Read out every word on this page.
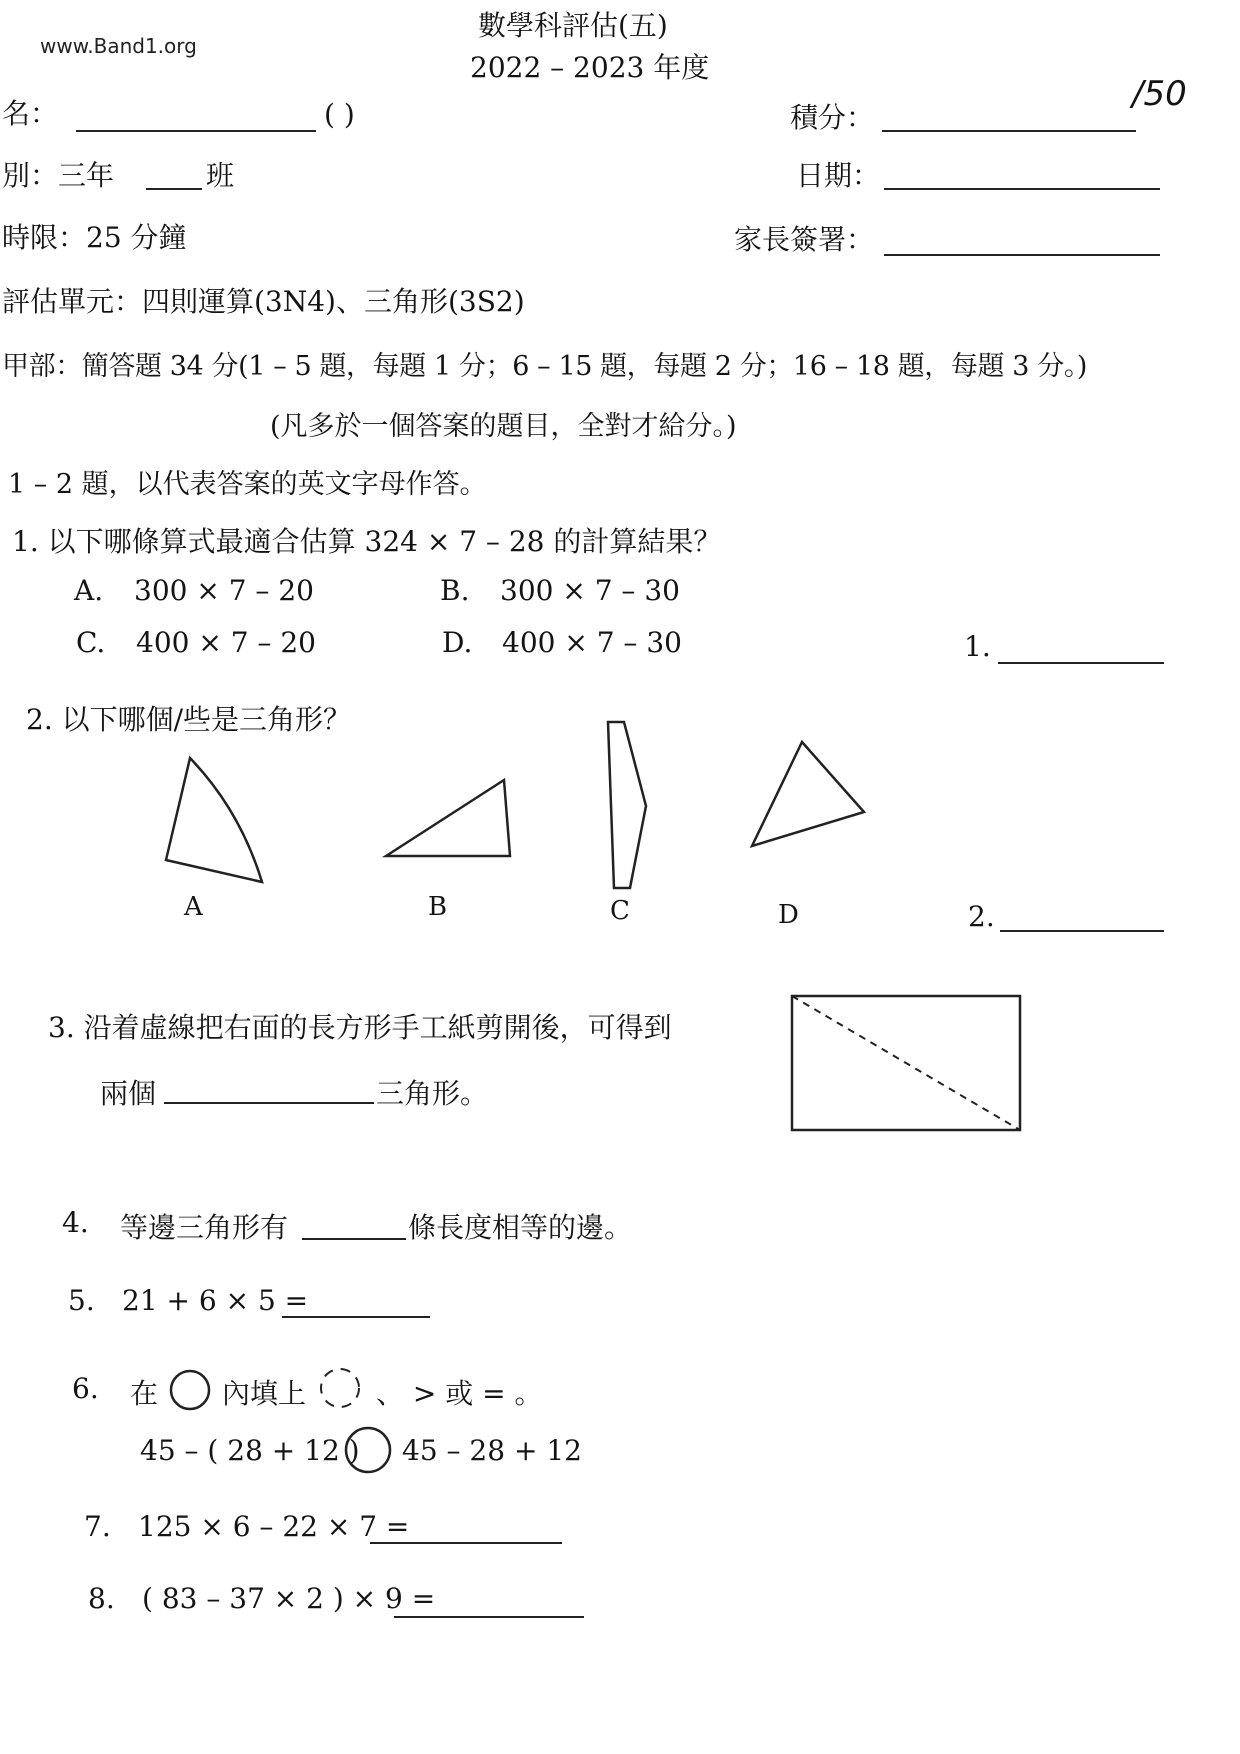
www.Band1.org
數學科評估(五)
2022 – 2023 年度
名：	( )	積分：
/50
別：三年	班	日期：
時限：25 分鐘	家長簽署：
評估單元：四則運算(3N4)、三角形(3S2)
甲部：簡答題 34 分(1 – 5 題，每題 1 分；6 – 15 題，每題 2 分；16 – 18 題，每題 3 分。)
(凡多於一個答案的題目，全對才給分。)
1 – 2 題，以代表答案的英文字母作答。
1. 以下哪條算式最適合估算 324 × 7 – 28 的計算結果？
A. 300 × 7 – 20	B. 300 × 7 – 30
C. 400 × 7 – 20	D. 400 × 7 – 30	1.
2. 以下哪個/些是三角形？
A	B	C	D	2.
3. 沿着虛線把右面的長方形手工紙剪開後，可得到
兩個	三角形。
4. 等邊三角形有	條長度相等的邊。
5. 21 + 6 × 5 =
6. 在 內填上 、 > 或 = 。
45 – ( 28 + 12 ) 45 – 28 + 12
7. 125 × 6 – 22 × 7 =
8. ( 83 – 37 × 2 ) × 9 =
